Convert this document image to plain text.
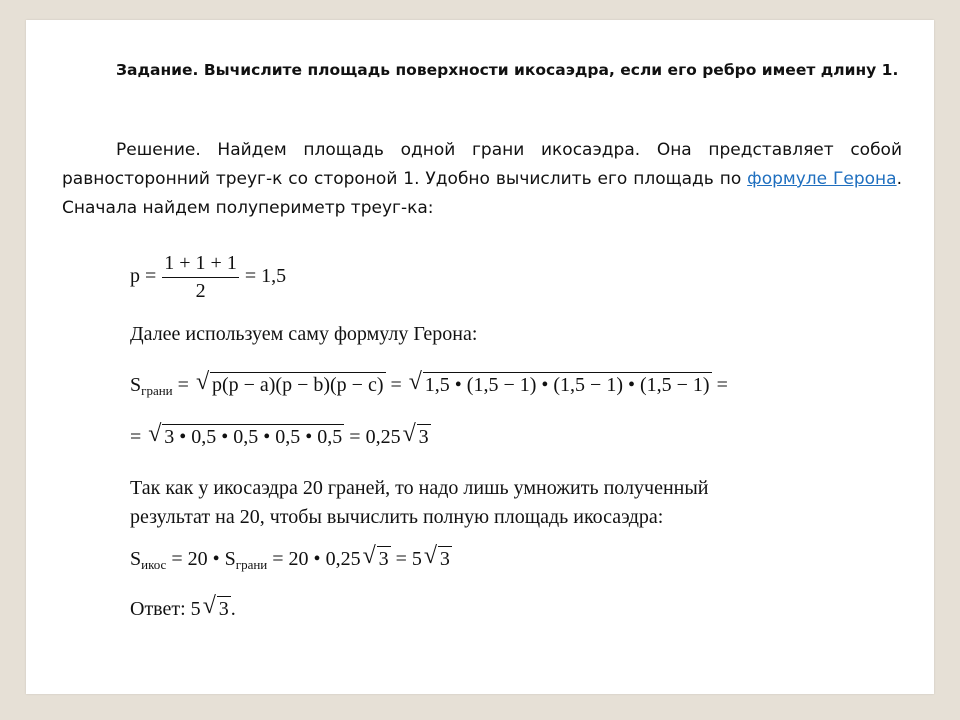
Задание. Вычислите площадь поверхности икосаэдра, если его ребро имеет длину 1.
Решение. Найдем площадь одной грани икосаэдра. Она представляет собой равносторонний треуг-к со стороной 1. Удобно вычислить его площадь по формуле Герона. Сначала найдем полупериметр треуг-ка:
$p = \frac{1 + 1 + 1}{2} = 1,5$
Далее используем саму формулу Герона:
$S_{грани}$ = √ p(p − a)(p − b)(p − c) = √ 1,5 • (1,5 − 1) • (1,5 − 1) • (1,5 − 1) =
= √ 3 • 0,5 • 0,5 • 0,5 • 0,5 = 0,25 √ 3
Так как у икосаэдра 20 граней, то надо лишь умножить полученный
результат на 20, чтобы вычислить полную площадь икосаэдра:
$S_{икос} = 20$ • $S_{грани} = 20$ • 0,25 √ 3 = 5 √ 3
Ответ: 5 √ 3 .
